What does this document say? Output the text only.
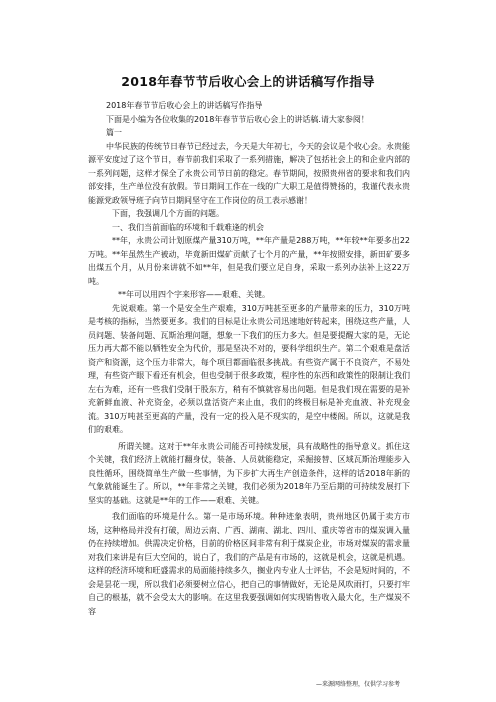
2018年春节节后收心会上的讲话稿写作指导

2018年春节节后收心会上的讲话稿写作指导

下面是小编为各位收集的2018年春节节后收心会上的讲话稿.请大家参阅！

篇一

中华民族的传统节日春节已经过去，今天是大年初七，今天的会议是个收心会。永贵能源平安度过了这个节日，春节前我们采取了一系列措施，解决了包括社会上的和企业内部的一系列问题，这样才保全了永贵公司节日前的稳定。春节期间，按照贵州省的要求和我们内部安排，生产单位没有放假。节日期间工作在一线的广大职工是值得赞扬的，我谨代表永贵能源党政领导班子向节日期间坚守在工作岗位的员工表示感谢！

下面，我强调几个方面的问题。

一、我们当前面临的环境和千载难逢的机会

**年，永贵公司计划原煤产量310万吨，**年产量是288万吨，**年较**年要多出22万吨。**年虽然生产被动，毕竟新田煤矿贡献了七个月的产量，**年按照安排，新田矿要多出煤五个月，从月份来讲就不如**年，但是我们要立足自身，采取一系列办法补上这22万吨。

**年可以用四个字来形容——艰难、关键。

先说艰难。第一个是安全生产艰难，310万吨甚至更多的产量带来的压力，310万吨是考核的指标，当然要更多。我们的目标是让永贵公司迅速地好转起来，围绕这些产量，人员问题、装备问题、瓦斯治理问题，想象一下我们的压力多大。但是要提醒大家的是，无论压力再大都不能以牺牲安全为代价，那是坚决不对的，要科学组织生产。第二个艰难是盘活资产和资源，这个压力非常大，每个项目都面临很多挑战。有些资产属于不良资产，不易处理，有些资产眼下看还有机会，但也受制于很多政策，程序性的东西和政策性的限制让我们左右为难，还有一些我们受制于股东方，稍有不慎就容易出问题。但是我们现在需要的是补充新鲜血液、补充资金，必须以盘活资产来止血，我们的终极目标是补充血液、补充现金流。310万吨甚至更高的产量，没有一定的投入是不现实的，是空中楼阁。所以，这就是我们的艰难。

所谓关键。这对于**年永贵公司能否可持续发展，具有战略性的指导意义。抓住这个关键，我们经济上就能打翻身仗，装备、人员就能稳定，采掘接替、区域瓦斯治理能步入良性循环，围绕简单生产做一些事情，为下步扩大再生产创造条件，这样的话2018年新的气象就能诞生了。所以，**年非常之关键，我们必须为2018年乃至后期的可持续发展打下坚实的基础。这就是**年的工作——艰难、关键。

我们面临的环境是什么。第一是市场环境。种种迹象表明，贵州地区仍属于卖方市场，这种格局并没有打破，周边云南、广西、湖南、湖北、四川、重庆等省市的煤炭调入量仍在持续增加。供需决定价格，目前的价格区间非常有利于煤炭企业，市场对煤炭的需求量对我们来讲是有巨大空间的，说白了，我们的产品是有市场的，这就是机会，这就是机遇。这样的经济环境和旺盛需求的局面能持续多久，搁业内专业人士评估，不会是短时间的，不会是昙花一现，所以我们必须要树立信心，把自己的事情做好，无论是风吹雨打，只要打牢自己的根基，就不会受太大的影响。在这里我要强调如何实现销售收入最大化，生产煤炭不容

—来源网络整理，仅供学习参考
